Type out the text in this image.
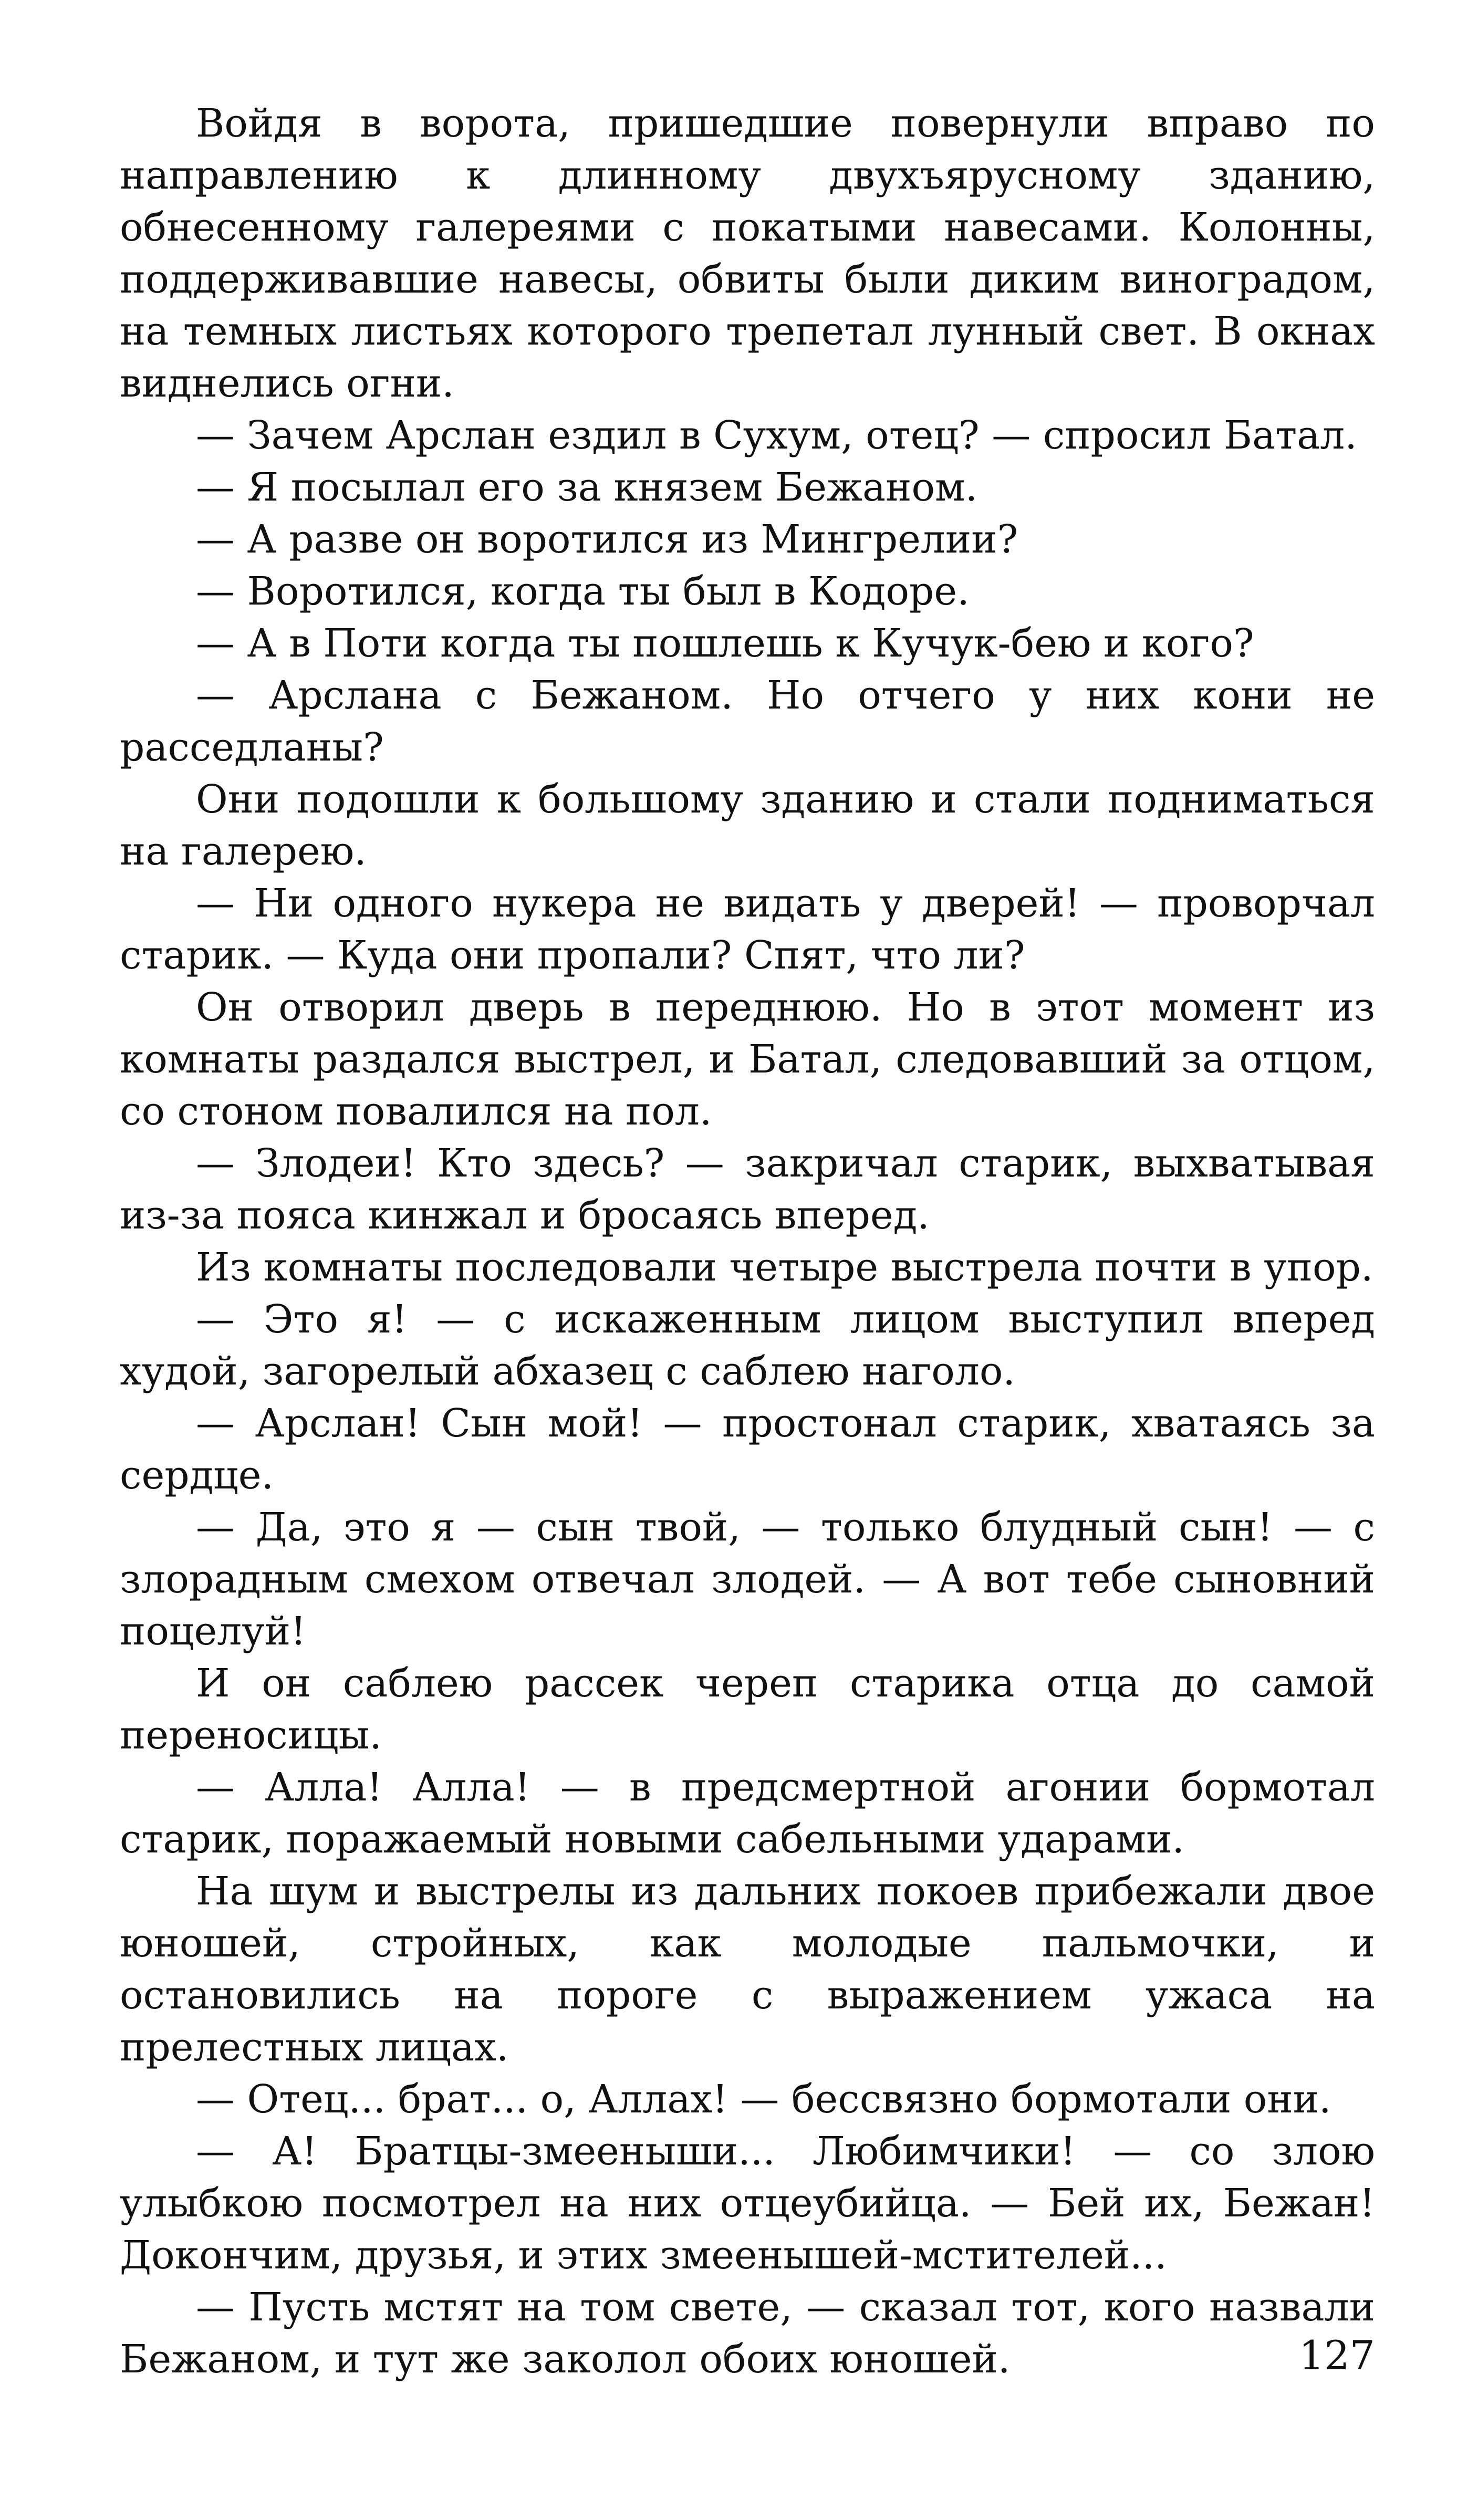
Войдя в ворота, пришедшие повернули вправо по направлению к длинному двухъярусному зданию, обнесенному галереями с покатыми навесами. Колонны, поддерживавшие навесы, обвиты были диким виноградом, на темных листьях которого трепетал лунный свет. В окнах виднелись огни.

— Зачем Арслан ездил в Сухум, отец? — спросил Батал.

— Я посылал его за князем Бежаном.

— А разве он воротился из Мингрелии?

— Воротился, когда ты был в Кодоре.

— А в Поти когда ты пошлешь к Кучук-бею и кого?

— Арслана с Бежаном. Но отчего у них кони не расседланы?

Они подошли к большому зданию и стали подниматься на галерею.

— Ни одного нукера не видать у дверей! — проворчал старик. — Куда они пропали? Спят, что ли?

Он отворил дверь в переднюю. Но в этот момент из комнаты раздался выстрел, и Батал, следовавший за отцом, со стоном повалился на пол.

— Злодеи! Кто здесь? — закричал старик, выхватывая из-за пояса кинжал и бросаясь вперед.

Из комнаты последовали четыре выстрела почти в упор.

— Это я! — с искаженным лицом выступил вперед худой, загорелый абхазец с саблею наголо.

— Арслан! Сын мой! — простонал старик, хватаясь за сердце.

— Да, это я — сын твой, — только блудный сын! — с злорадным смехом отвечал злодей. — А вот тебе сыновний поцелуй!

И он саблею рассек череп старика отца до самой переносицы.

— Алла! Алла! — в предсмертной агонии бормотал старик, поражаемый новыми сабельными ударами.

На шум и выстрелы из дальних покоев прибежали двое юношей, стройных, как молодые пальмочки, и остановились на пороге с выражением ужаса на прелестных лицах.

— Отец... брат... о, Аллах! — бессвязно бормотали они.

— А! Братцы-змееныши... Любимчики! — со злою улыбкою посмотрел на них отцеубийца. — Бей их, Бежан! Докончим, друзья, и этих змеенышей-мстителей...

— Пусть мстят на том свете, — сказал тот, кого назвали Бежаном, и тут же заколол обоих юношей.	127
